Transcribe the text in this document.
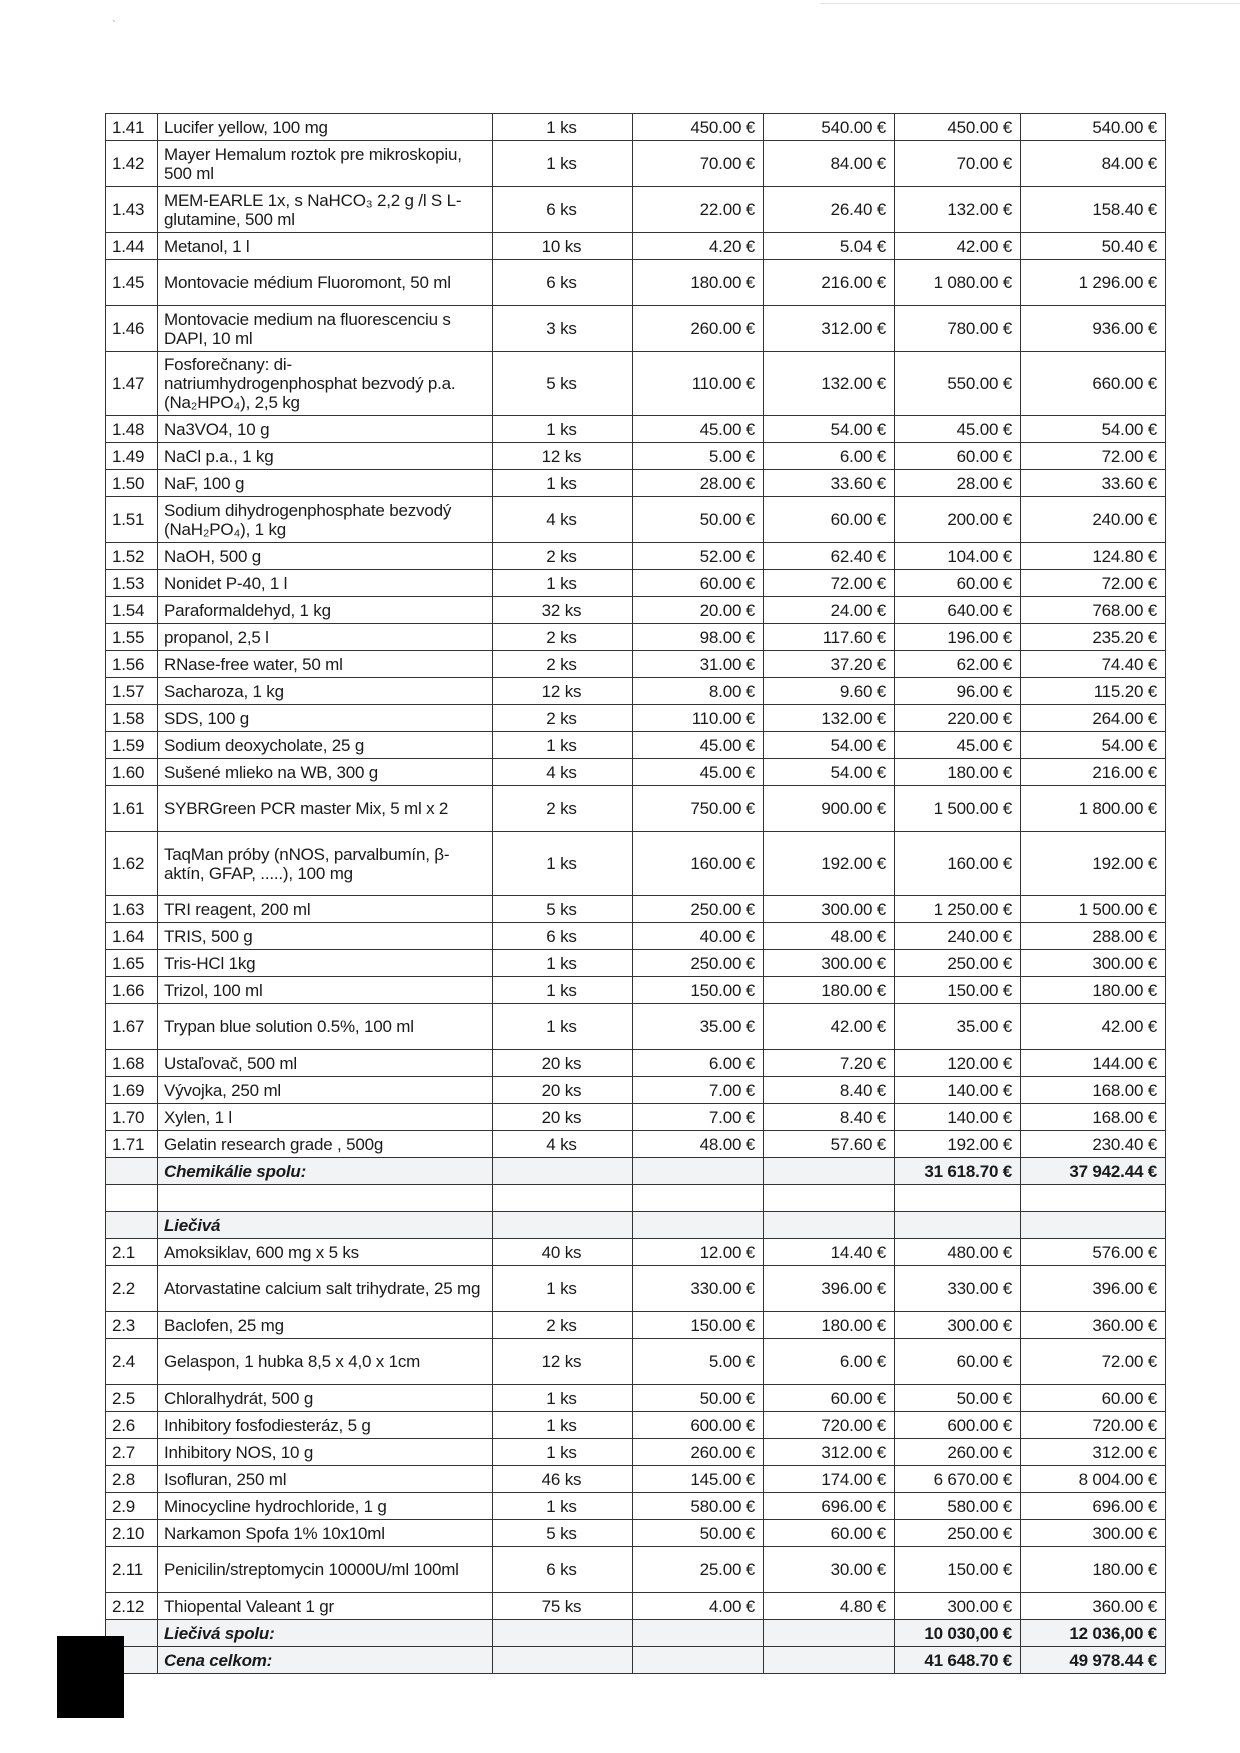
`
1.41	Lucifer yellow, 100 mg	1 ks	450.00 €	540.00 €	450.00 €	540.00 €
1.42	Mayer Hemalum roztok pre mikroskopiu, 500 ml	1 ks	70.00 €	84.00 €	70.00 €	84.00 €
1.43	MEM-EARLE 1x, s NaHCO₃ 2,2 g /l S L-glutamine, 500 ml	6 ks	22.00 €	26.40 €	132.00 €	158.40 €
1.44	Metanol, 1 l	10 ks	4.20 €	5.04 €	42.00 €	50.40 €
1.45	Montovacie médium Fluoromont, 50 ml	6 ks	180.00 €	216.00 €	1 080.00 €	1 296.00 €
1.46	Montovacie medium na fluorescenciu s DAPI, 10 ml	3 ks	260.00 €	312.00 €	780.00 €	936.00 €
1.47	Fosforečnany: di-natriumhydrogenphosphat bezvodý p.a. (Na₂HPO₄), 2,5 kg	5 ks	110.00 €	132.00 €	550.00 €	660.00 €
1.48	Na3VO4, 10 g	1 ks	45.00 €	54.00 €	45.00 €	54.00 €
1.49	NaCl p.a., 1 kg	12 ks	5.00 €	6.00 €	60.00 €	72.00 €
1.50	NaF, 100 g	1 ks	28.00 €	33.60 €	28.00 €	33.60 €
1.51	Sodium dihydrogenphosphate bezvodý (NaH₂PO₄), 1 kg	4 ks	50.00 €	60.00 €	200.00 €	240.00 €
1.52	NaOH, 500 g	2 ks	52.00 €	62.40 €	104.00 €	124.80 €
1.53	Nonidet P-40, 1 l	1 ks	60.00 €	72.00 €	60.00 €	72.00 €
1.54	Paraformaldehyd, 1 kg	32 ks	20.00 €	24.00 €	640.00 €	768.00 €
1.55	propanol, 2,5 l	2 ks	98.00 €	117.60 €	196.00 €	235.20 €
1.56	RNase-free water, 50 ml	2 ks	31.00 €	37.20 €	62.00 €	74.40 €
1.57	Sacharoza, 1 kg	12 ks	8.00 €	9.60 €	96.00 €	115.20 €
1.58	SDS, 100 g	2 ks	110.00 €	132.00 €	220.00 €	264.00 €
1.59	Sodium deoxycholate, 25 g	1 ks	45.00 €	54.00 €	45.00 €	54.00 €
1.60	Sušené mlieko na WB, 300 g	4 ks	45.00 €	54.00 €	180.00 €	216.00 €
1.61	SYBRGreen PCR master Mix, 5 ml x 2	2 ks	750.00 €	900.00 €	1 500.00 €	1 800.00 €
1.62	TaqMan próby (nNOS, parvalbumín, β-aktín, GFAP, .....), 100 mg	1 ks	160.00 €	192.00 €	160.00 €	192.00 €
1.63	TRI reagent, 200 ml	5 ks	250.00 €	300.00 €	1 250.00 €	1 500.00 €
1.64	TRIS, 500 g	6 ks	40.00 €	48.00 €	240.00 €	288.00 €
1.65	Tris-HCl 1kg	1 ks	250.00 €	300.00 €	250.00 €	300.00 €
1.66	Trizol, 100 ml	1 ks	150.00 €	180.00 €	150.00 €	180.00 €
1.67	Trypan blue solution 0.5%, 100 ml	1 ks	35.00 €	42.00 €	35.00 €	42.00 €
1.68	Ustaľovač, 500 ml	20 ks	6.00 €	7.20 €	120.00 €	144.00 €
1.69	Vývojka, 250 ml	20 ks	7.00 €	8.40 €	140.00 €	168.00 €
1.70	Xylen, 1 l	20 ks	7.00 €	8.40 €	140.00 €	168.00 €
1.71	Gelatin research grade , 500g	4 ks	48.00 €	57.60 €	192.00 €	230.40 €
	Chemikálie spolu:				31 618.70 €	37 942.44 €

	Liečivá					
2.1	Amoksiklav, 600 mg x 5 ks	40 ks	12.00 €	14.40 €	480.00 €	576.00 €
2.2	Atorvastatine calcium salt trihydrate, 25 mg	1 ks	330.00 €	396.00 €	330.00 €	396.00 €
2.3	Baclofen, 25 mg	2 ks	150.00 €	180.00 €	300.00 €	360.00 €
2.4	Gelaspon, 1 hubka 8,5 x 4,0 x 1cm	12 ks	5.00 €	6.00 €	60.00 €	72.00 €
2.5	Chloralhydrát, 500 g	1 ks	50.00 €	60.00 €	50.00 €	60.00 €
2.6	Inhibitory fosfodiesteráz, 5 g	1 ks	600.00 €	720.00 €	600.00 €	720.00 €
2.7	Inhibitory NOS, 10 g	1 ks	260.00 €	312.00 €	260.00 €	312.00 €
2.8	Isofluran, 250 ml	46 ks	145.00 €	174.00 €	6 670.00 €	8 004.00 €
2.9	Minocycline hydrochloride, 1 g	1 ks	580.00 €	696.00 €	580.00 €	696.00 €
2.10	Narkamon Spofa 1% 10x10ml	5 ks	50.00 €	60.00 €	250.00 €	300.00 €
2.11	Penicilin/streptomycin 10000U/ml 100ml	6 ks	25.00 €	30.00 €	150.00 €	180.00 €
2.12	Thiopental Valeant 1 gr	75 ks	4.00 €	4.80 €	300.00 €	360.00 €
	Liečivá spolu:				10 030,00 €	12 036,00 €
	Cena celkom:				41 648.70 €	49 978.44 €
